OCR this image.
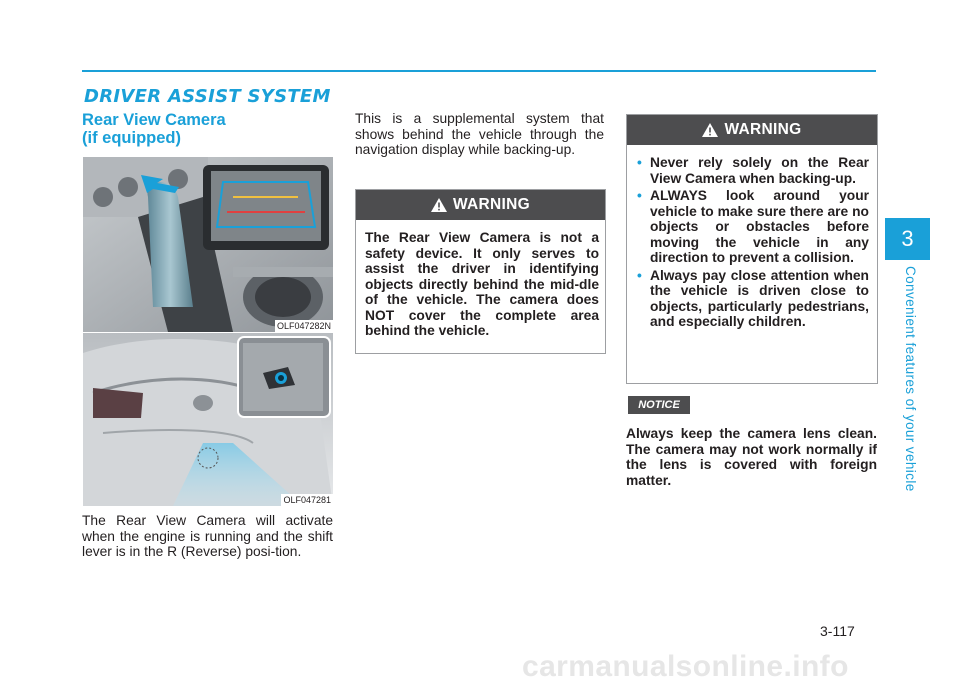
DRIVER ASSIST SYSTEM
Rear View Camera
(if equipped)
OLF047282N
OLF047281

The Rear View Camera will activate when the engine is running and the shift lever is in the R (Reverse) posi-tion.

This is a supplemental system that shows behind the vehicle through the navigation display while backing-up.

WARNING

The Rear View Camera is not a safety device. It only serves to assist the driver in identifying objects directly behind the mid-dle of the vehicle. The camera does NOT cover the complete area behind the vehicle.

WARNING
• Never rely solely on the Rear View Camera when backing-up.
• ALWAYS look around your vehicle to make sure there are no objects or obstacles before moving the vehicle in any direction to prevent a collision.
• Always pay close attention when the vehicle is driven close to objects, particularly pedestrians, and especially children.
NOTICE

Always keep the camera lens clean. The camera may not work normally if the lens is covered with foreign matter.

3
Convenient features of your vehicle

3-117

carmanualsonline.info
